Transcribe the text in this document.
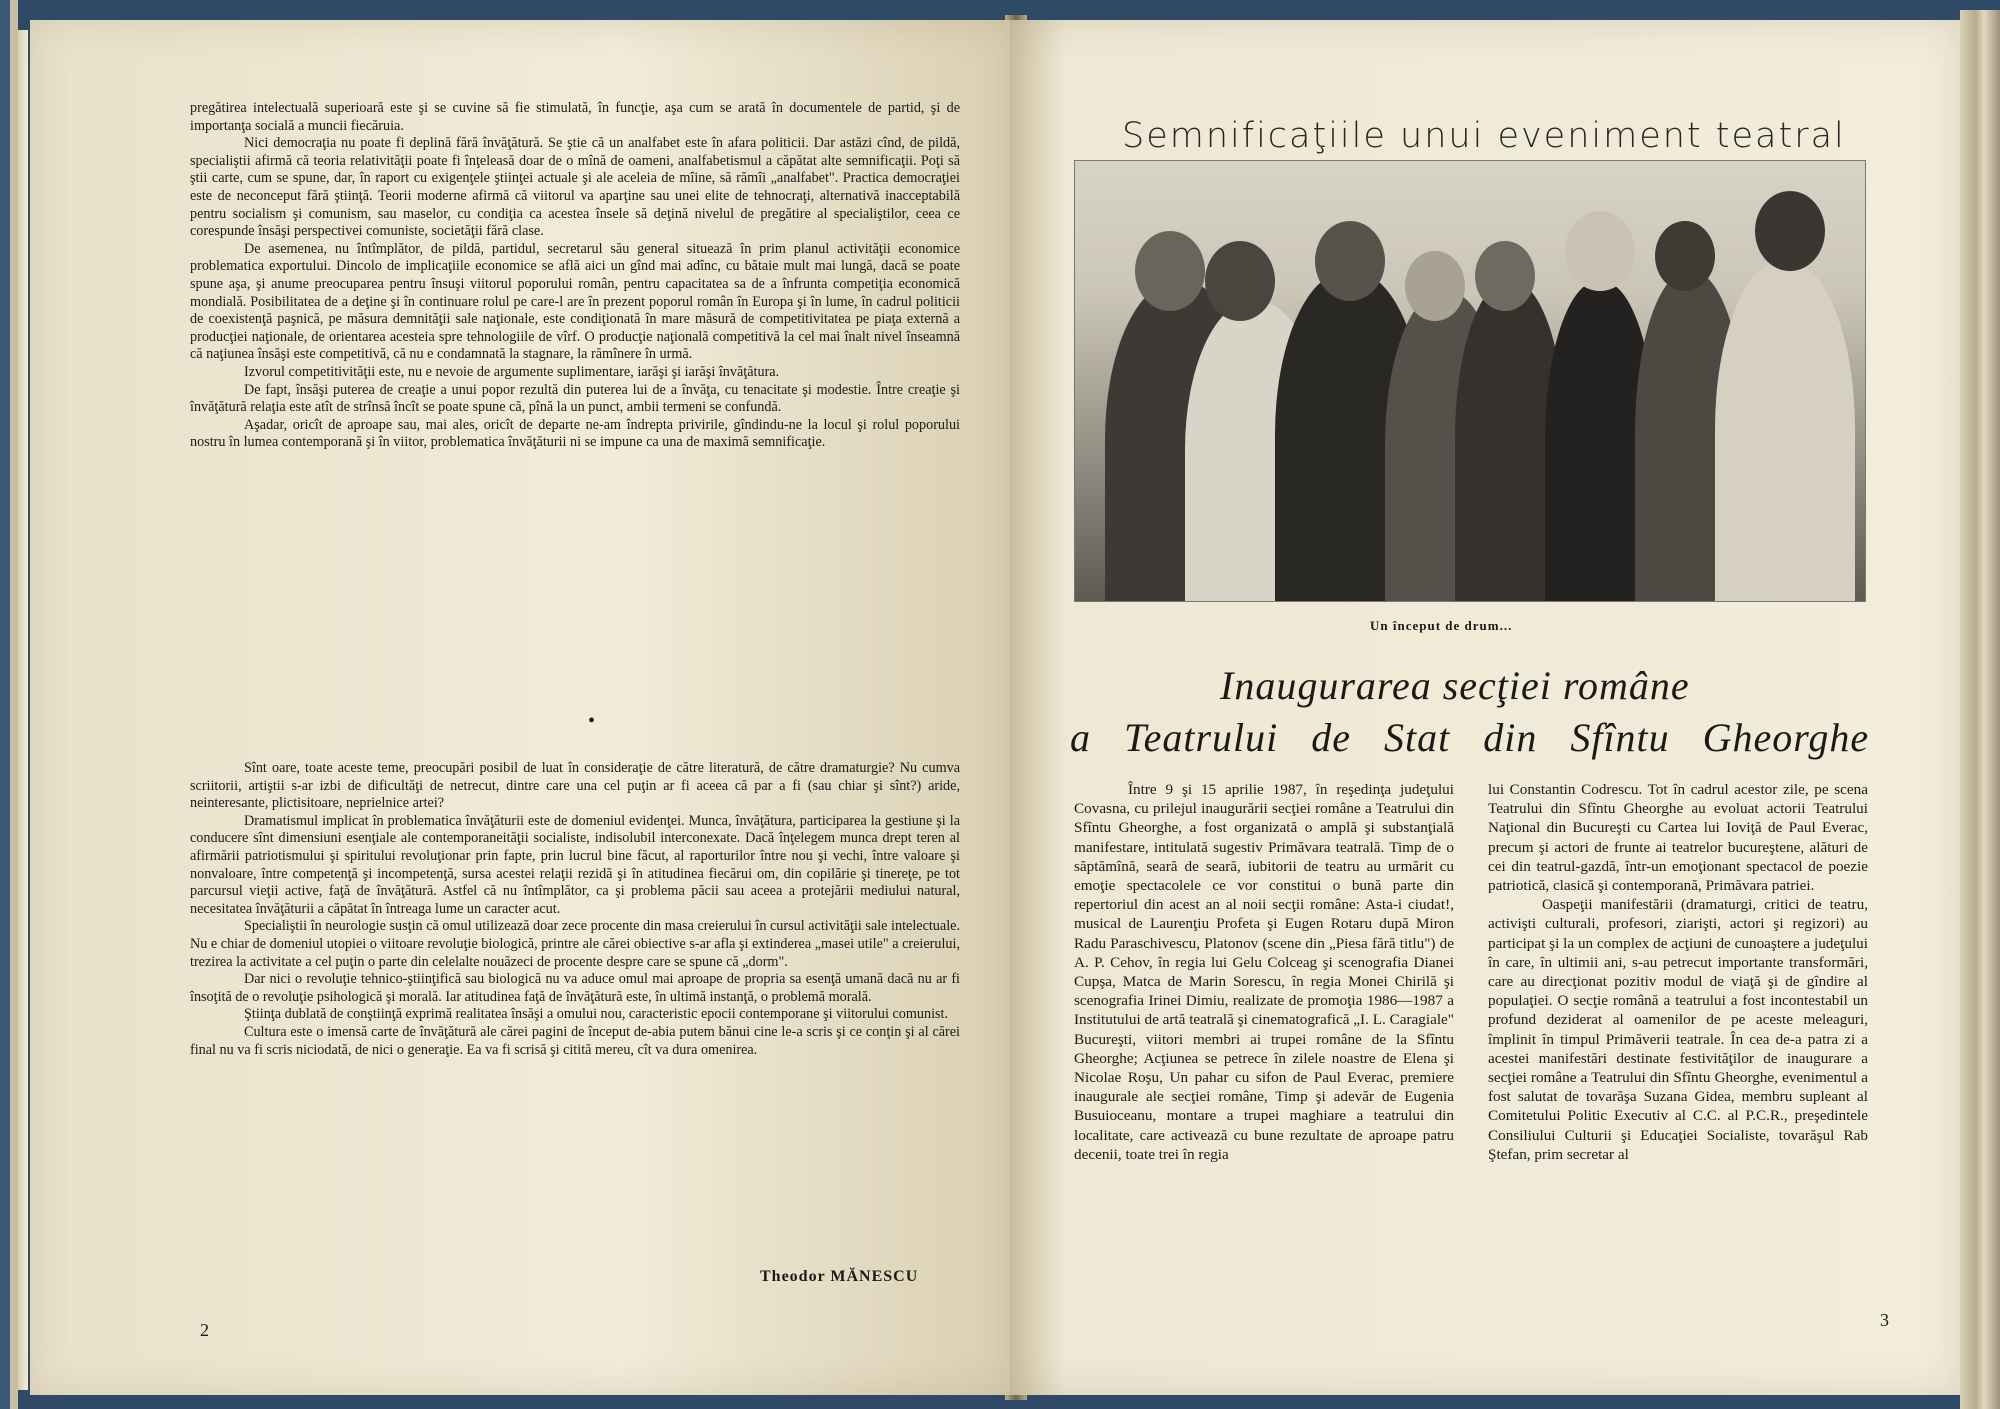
pregătirea intelectuală superioară este şi se cuvine să fie stimulată, în funcţie, aşa cum se arată în documentele de partid, şi de importanţa socială a muncii fiecăruia.

Nici democraţia nu poate fi deplină fără învăţătură. Se ştie că un analfabet este în afara politicii. Dar astăzi cînd, de pildă, specialiştii afirmă că teoria relativităţii poate fi înţeleasă doar de o mînă de oameni, analfabetismul a căpătat alte semnificaţii. Poţi să ştii carte, cum se spune, dar, în raport cu exigenţele ştiinţei actuale şi ale aceleia de mîine, să rămîi „analfabet". Practica democraţiei este de neconceput fără ştiinţă. Teorii moderne afirmă că viitorul va aparţine sau unei elite de tehnocraţi, alternativă inacceptabilă pentru socialism şi comunism, sau maselor, cu condiţia ca acestea însele să deţină nivelul de pregătire al specialiştilor, ceea ce corespunde însăşi perspectivei comuniste, societăţii fără clase.

De asemenea, nu întîmplător, de pildă, partidul, secretarul său general situează în prim planul activităţii economice problematica exportului. Dincolo de implicaţiile economice se află aici un gînd mai adînc, cu bătaie mult mai lungă, dacă se poate spune aşa, şi anume preocuparea pentru însuşi viitorul poporului român, pentru capacitatea sa de a înfrunta competiţia economică mondială. Posibilitatea de a deţine şi în continuare rolul pe care-l are în prezent poporul român în Europa şi în lume, în cadrul politicii de coexistenţă paşnică, pe măsura demnităţii sale naţionale, este condiţionată în mare măsură de competitivitatea pe piaţa externă a producţiei naţionale, de orientarea acesteia spre tehnologiile de vîrf. O producţie naţională competitivă la cel mai înalt nivel înseamnă că naţiunea însăşi este competitivă, că nu e condamnată la stagnare, la rămînere în urmă.

Izvorul competitivităţii este, nu e nevoie de argumente suplimentare, iarăşi şi iarăşi învăţătura.

De fapt, însăşi puterea de creaţie a unui popor rezultă din puterea lui de a învăţa, cu tenacitate şi modestie. Între creaţie şi învăţătură relaţia este atît de strînsă încît se poate spune că, pînă la un punct, ambii termeni se confundă.

Aşadar, oricît de aproape sau, mai ales, oricît de departe ne-am îndrepta privirile, gîndindu-ne la locul şi rolul poporului nostru în lumea contemporană şi în viitor, problematica învăţăturii ni se impune ca una de maximă semnificaţie.

•

Sînt oare, toate aceste teme, preocupări posibil de luat în consideraţie de către literatură, de către dramaturgie? Nu cumva scriitorii, artiştii s-ar izbi de dificultăţi de netrecut, dintre care una cel puţin ar fi aceea că par a fi (sau chiar şi sînt?) aride, neinteresante, plictisitoare, neprielnice artei?

Dramatismul implicat în problematica învăţăturii este de domeniul evidenţei. Munca, învăţătura, participarea la gestiune şi la conducere sînt dimensiuni esenţiale ale contemporaneităţii socialiste, indisolubil interconexate. Dacă înţelegem munca drept teren al afirmării patriotismului şi spiritului revoluţionar prin fapte, prin lucrul bine făcut, al raporturilor între nou şi vechi, între valoare şi nonvaloare, între competenţă şi incompetenţă, sursa acestei relaţii rezidă şi în atitudinea fiecărui om, din copilărie şi tinereţe, pe tot parcursul vieţii active, faţă de învăţătură. Astfel că nu întîmplător, ca şi problema păcii sau aceea a protejării mediului natural, necesitatea învăţăturii a căpătat în întreaga lume un caracter acut.

Specialiştii în neurologie susţin că omul utilizează doar zece procente din masa creierului în cursul activităţii sale intelectuale. Nu e chiar de domeniul utopiei o viitoare revoluţie biologică, printre ale cărei obiective s-ar afla şi extinderea „masei utile" a creierului, trezirea la activitate a cel puţin o parte din celelalte nouăzeci de procente despre care se spune că „dorm".

Dar nici o revoluţie tehnico-ştiinţifică sau biologică nu va aduce omul mai aproape de propria sa esenţă umană dacă nu ar fi însoţită de o revoluţie psihologică şi morală. Iar atitudinea faţă de învăţătură este, în ultimă instanţă, o problemă morală.

Ştiinţa dublată de conştiinţă exprimă realitatea însăşi a omului nou, caracteristic epocii contemporane şi viitorului comunist.

Cultura este o imensă carte de învăţătură ale cărei pagini de început de-abia putem bănui cine le-a scris şi ce conţin şi al cărei final nu va fi scris niciodată, de nici o generaţie. Ea va fi scrisă şi citită mereu, cît va dura omenirea.

Theodor MĂNESCU
2
Semnificaţiile unui eveniment teatral
Un început de drum...
Inaugurarea secţiei române
a Teatrului de Stat din Sfîntu Gheorghe

Între 9 şi 15 aprilie 1987, în reşedinţa judeţului Covasna, cu prilejul inaugurării secţiei române a Teatrului din Sfîntu Gheorghe, a fost organizată o amplă şi substanţială manifestare, intitulată sugestiv Primăvara teatrală. Timp de o săptămînă, seară de seară, iubitorii de teatru au urmărit cu emoţie spectacolele ce vor constitui o bună parte din repertoriul din acest an al noii secţii române: Asta-i ciudat!, musical de Laurenţiu Profeta şi Eugen Rotaru după Miron Radu Paraschivescu, Platonov (scene din „Piesa fără titlu") de A. P. Cehov, în regia lui Gelu Colceag şi scenografia Dianei Cupşa, Matca de Marin Sorescu, în regia Monei Chirilă şi scenografia Irinei Dimiu, realizate de promoţia 1986—1987 a Institutului de artă teatrală şi cinematografică „I. L. Caragiale" Bucureşti, viitori membri ai trupei române de la Sfîntu Gheorghe; Acţiunea se petrece în zilele noastre de Elena şi Nicolae Roşu, Un pahar cu sifon de Paul Everac, premiere inaugurale ale secţiei române, Timp şi adevăr de Eugenia Busuioceanu, montare a trupei maghiare a teatrului din localitate, care activează cu bune rezultate de aproape patru decenii, toate trei în regia

lui Constantin Codrescu. Tot în cadrul acestor zile, pe scena Teatrului din Sfîntu Gheorghe au evoluat actorii Teatrului Naţional din Bucureşti cu Cartea lui Ioviţă de Paul Everac, precum şi actori de frunte ai teatrelor bucureştene, alături de cei din teatrul-gazdă, într-un emoţionant spectacol de poezie patriotică, clasică şi contemporană, Primăvara patriei.

Oaspeţii manifestării (dramaturgi, critici de teatru, activişti culturali, profesori, ziarişti, actori şi regizori) au participat şi la un complex de acţiuni de cunoaştere a judeţului în care, în ultimii ani, s-au petrecut importante transformări, care au direcţionat pozitiv modul de viaţă şi de gîndire al populaţiei. O secţie română a teatrului a fost incontestabil un profund deziderat al oamenilor de pe aceste meleaguri, împlinit în timpul Primăverii teatrale. În cea de-a patra zi a acestei manifestări destinate festivităţilor de inaugurare a secţiei române a Teatrului din Sfîntu Gheorghe, evenimentul a fost salutat de tovarăşa Suzana Gidea, membru supleant al Comitetului Politic Executiv al C.C. al P.C.R., preşedintele Consiliului Culturii şi Educaţiei Socialiste, tovarăşul Rab Ştefan, prim secretar al

3
